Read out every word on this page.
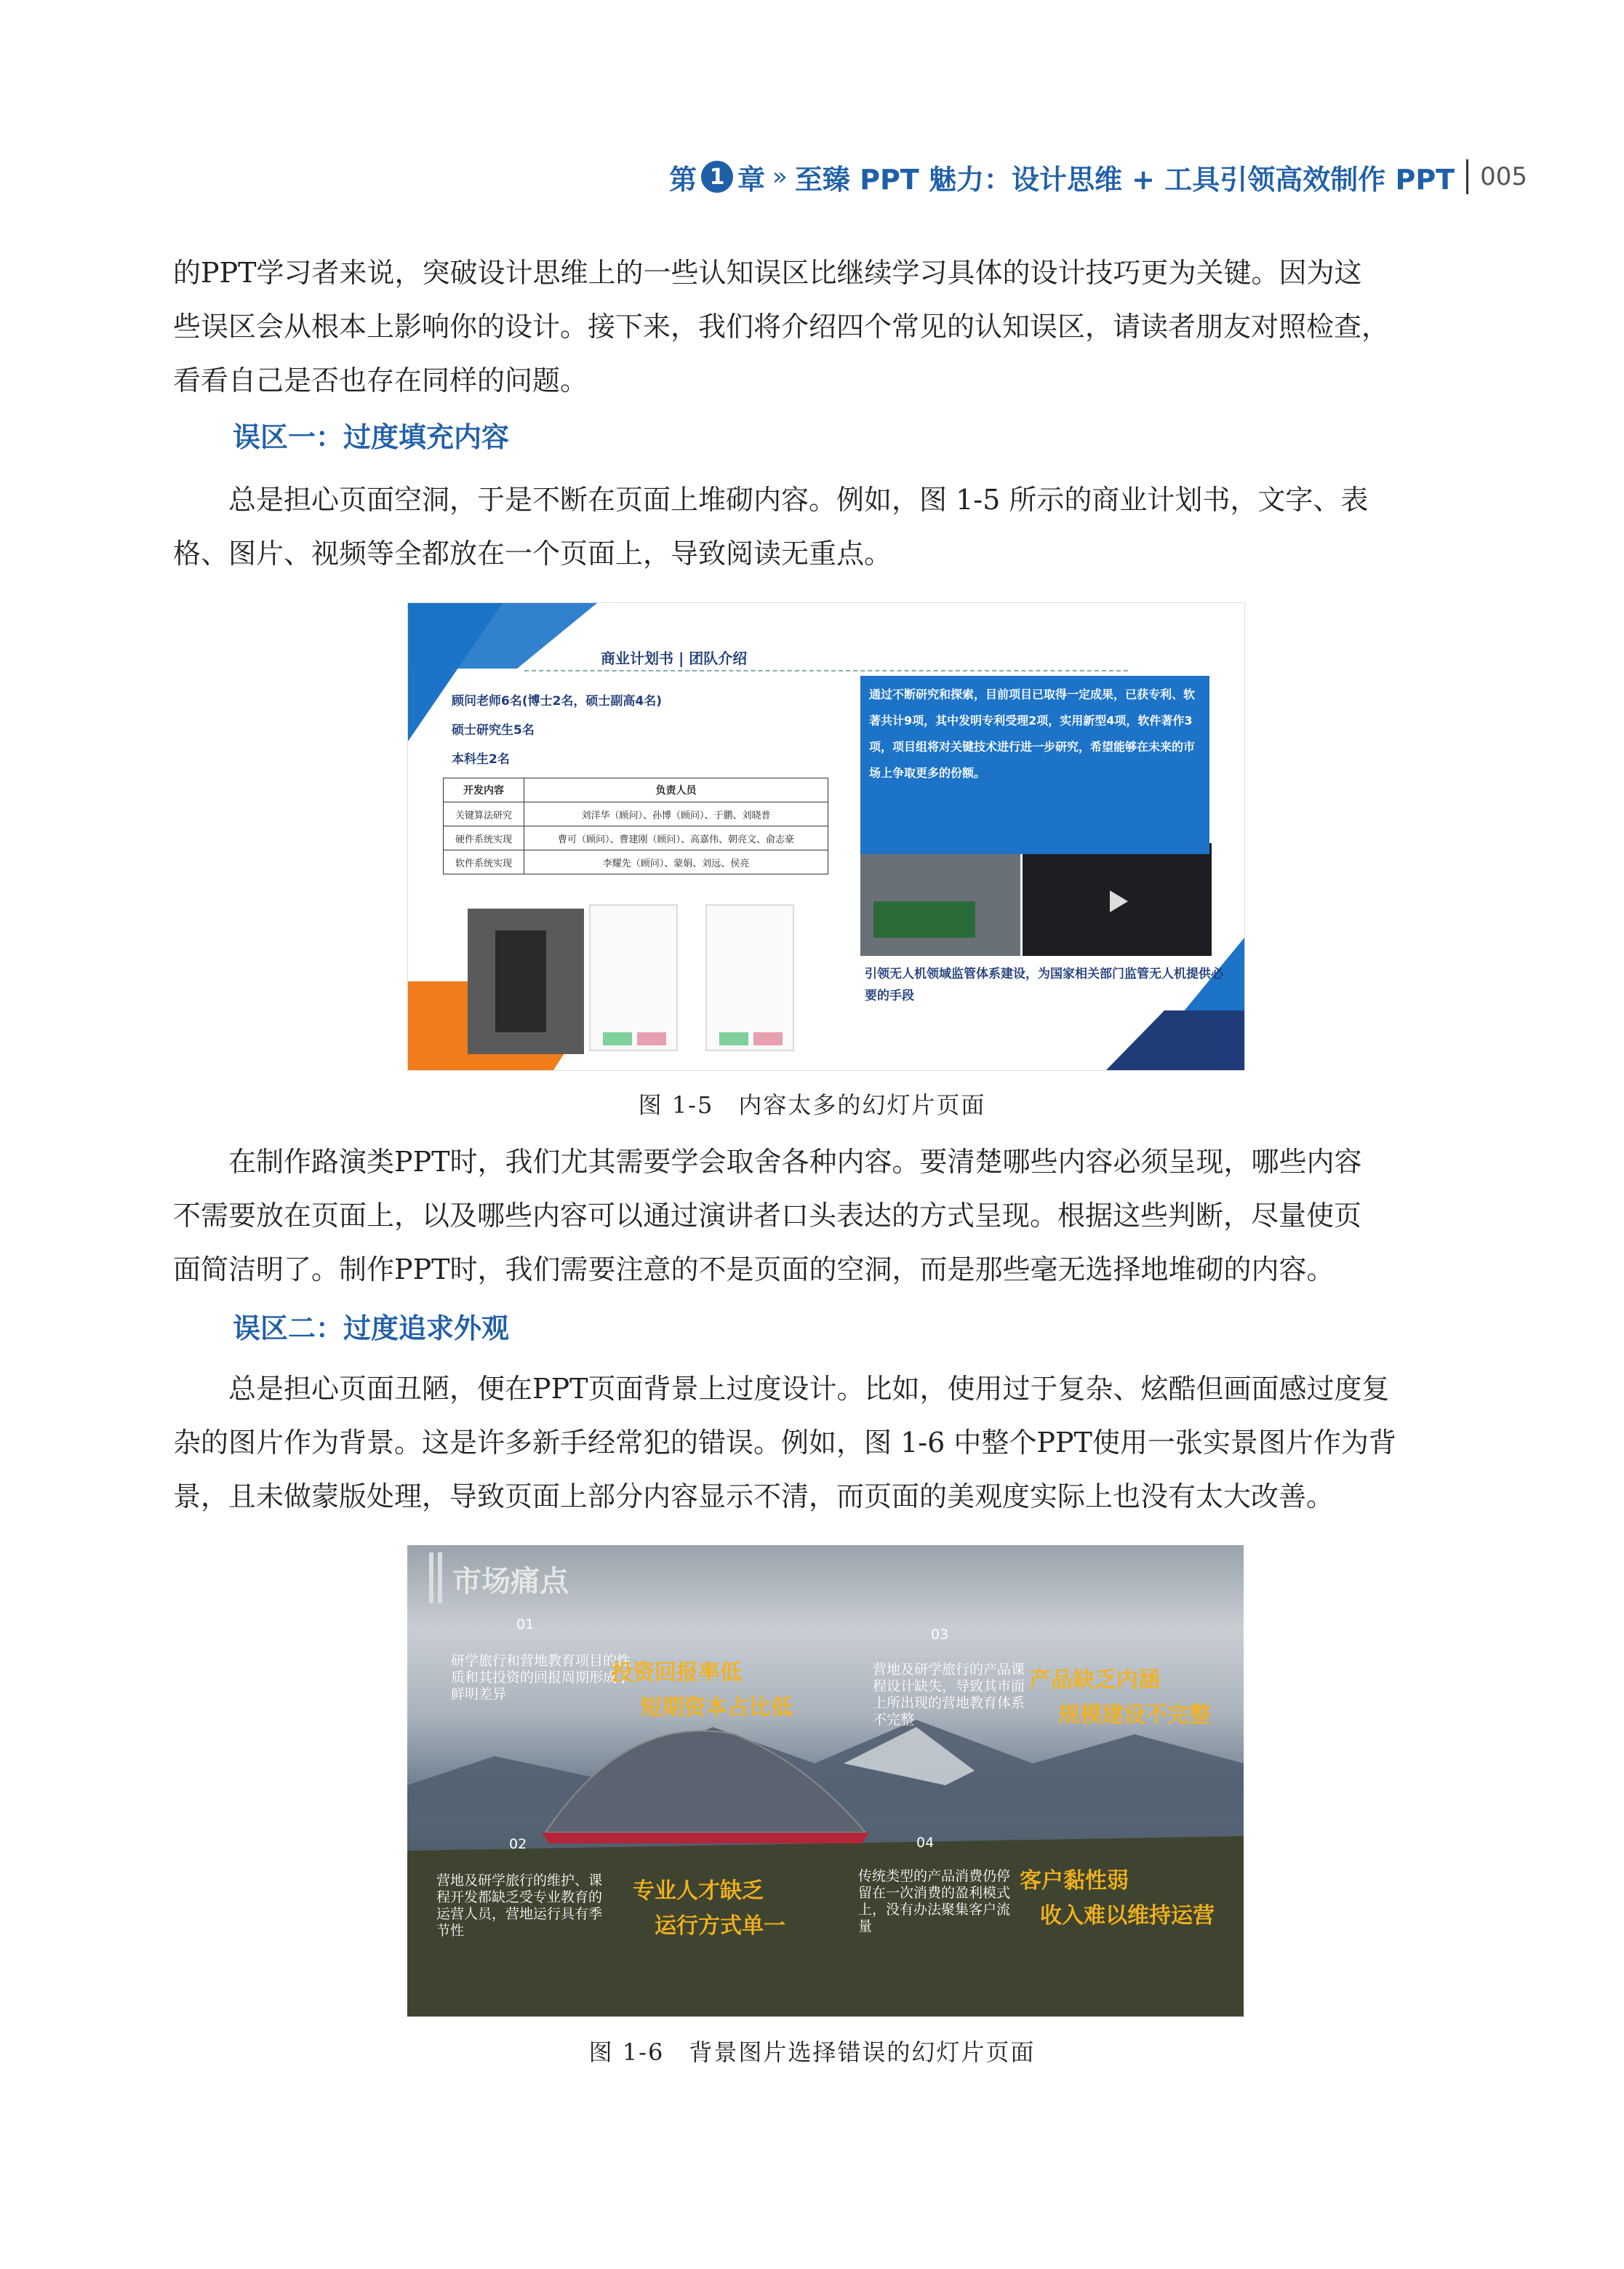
第 1 章 » 至臻 PPT 魅力：设计思维 + 工具引领高效制作 PPT 005

的PPT学习者来说，突破设计思维上的一些认知误区比继续学习具体的设计技巧更为关键。因为这

些误区会从根本上影响你的设计。接下来，我们将介绍四个常见的认知误区，请读者朋友对照检查，

看看自己是否也存在同样的问题。

误区一：过度填充内容

总是担心页面空洞，于是不断在页面上堆砌内容。例如，图 1-5 所示的商业计划书，文字、表

格、图片、视频等全都放在一个页面上，导致阅读无重点。

商业计划书 | 团队介绍
顾问老师6名(博士2名，硕士副高4名)
硕士研究生5名
本科生2名
开发内容	负责人员
关键算法研究	刘洋华（顾问）、孙博（顾问）、于鹏、刘晓普
硬件系统实现	曹可（顾问）、曹建刚（顾问）、高嘉伟、朝亮文、俞志豪
软件系统实现	李耀先（顾问）、蒙娟、刘远、侯亮
通过不断研究和探索，目前项目已取得一定成果，已获专利、软著共计9项，其中发明专利受理2项，实用新型4项，软件著作3项，项目组将对关键技术进行进一步研究，希望能够在未来的市场上争取更多的份额。
引领无人机领域监管体系建设，为国家相关部门监管无人机提供必要的手段
图 1-5　内容太多的幻灯片页面

在制作路演类PPT时，我们尤其需要学会取舍各种内容。要清楚哪些内容必须呈现，哪些内容

不需要放在页面上，以及哪些内容可以通过演讲者口头表达的方式呈现。根据这些判断，尽量使页

面简洁明了。制作PPT时，我们需要注意的不是页面的空洞，而是那些毫无选择地堆砌的内容。

误区二：过度追求外观

总是担心页面丑陋，便在PPT页面背景上过度设计。比如，使用过于复杂、炫酷但画面感过度复

杂的图片作为背景。这是许多新手经常犯的错误。例如，图 1-6 中整个PPT使用一张实景图片作为背

景，且未做蒙版处理，导致页面上部分内容显示不清，而页面的美观度实际上也没有太大改善。

市场痛点
01
研学旅行和营地教育项目的性质和其投资的回报周期形成了鲜明差异
投资回报率低
短期资本占比低
02
营地及研学旅行的维护、课程开发都缺乏受专业教育的运营人员，营地运行具有季节性
专业人才缺乏
运行方式单一
03
营地及研学旅行的产品课程设计缺失，导致其市面上所出现的营地教育体系不完整
产品缺乏内涵
规模建设不完整
04
传统类型的产品消费仍停留在一次消费的盈利模式上，没有办法聚集客户流量
客户黏性弱
收入难以维持运营
图 1-6　背景图片选择错误的幻灯片页面
